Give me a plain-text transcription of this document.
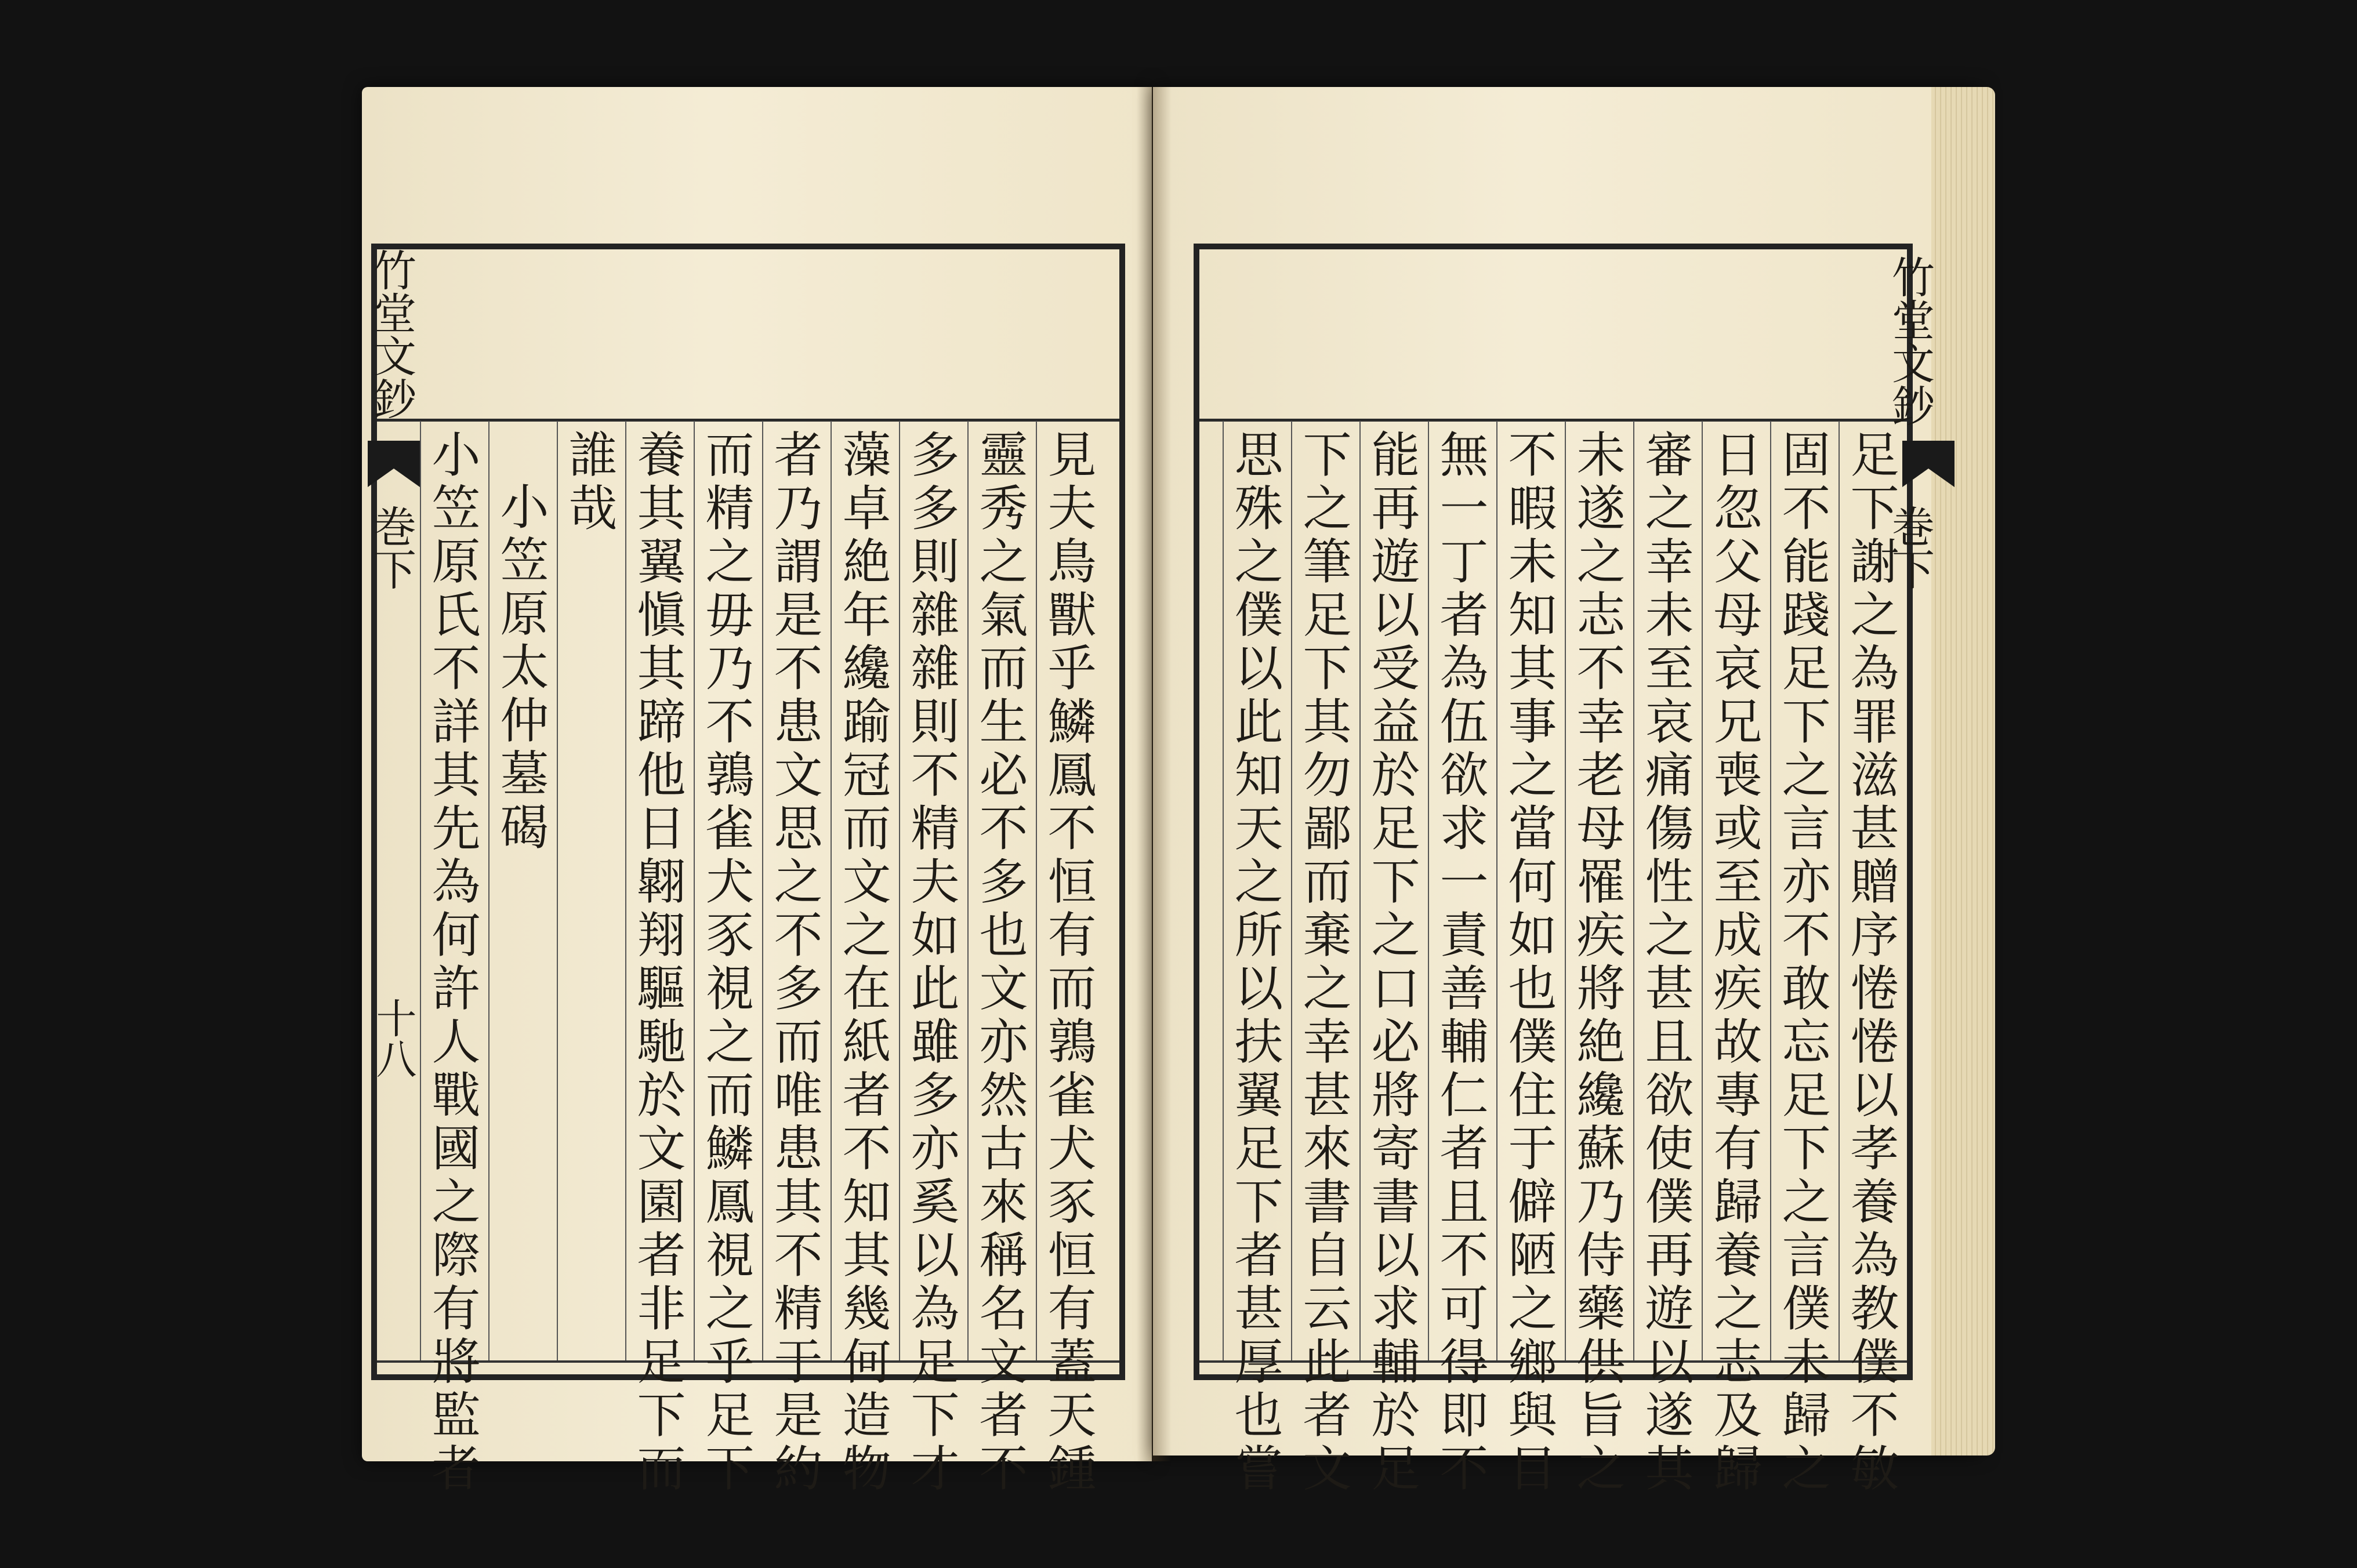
竹堂文鈔
巻下
十八	見夫鳥獸乎鱗鳳不恒有而鶉雀犬豕恒有蓋天鍾
靈秀之氣而生必不多也文亦然古來稱名文者不
多多則雜雜則不精夫如此雖多亦奚以為足下才
藻卓絶年纔踰冠而文之在紙者不知其幾何造物
者乃謂是不患文思之不多而唯患其不精于是約
而精之毋乃不鶉雀犬豕視之而鱗鳳視之乎足下
養其翼愼其蹄他日翺翔驅馳於文園者非足下而
誰哉
小笠原太仲墓碣
小笠原氏不詳其先為何許人戰國之際有將監者
竹堂文鈔
巻下
足下謝之為罪滋甚贈序惓惓以孝養為教僕不敏
固不能踐足下之言亦不敢忘足下之言僕未歸之
日忽父母哀兄喪或至成疾故專有歸養之志及歸
審之幸未至哀痛傷性之甚且欲使僕再遊以遂其
未遂之志不幸老母罹疾將絶纔蘇乃侍藥供旨之
不暇未知其事之當何如也僕住于僻陋之鄉與目
無一丁者為伍欲求一責善輔仁者且不可得即不
能再遊以受益於足下之口必將寄書以求輔於足
下之筆足下其勿鄙而棄之幸甚來書自云此者文
思殊之僕以此知天之所以扶翼足下者甚厚也嘗
